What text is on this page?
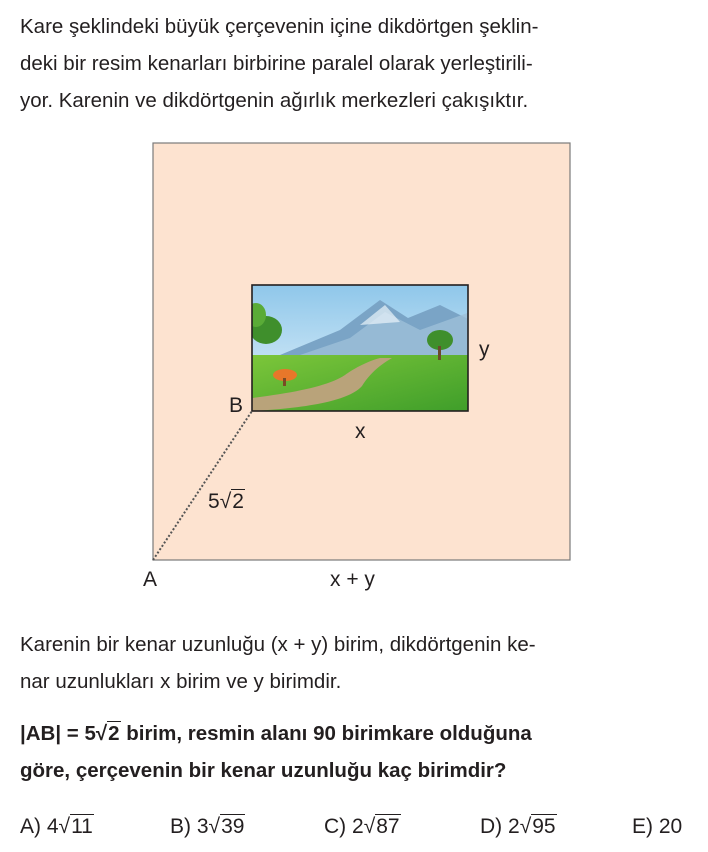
Kare şeklindeki büyük çerçevenin içine dikdörtgen şeklin-
deki bir resim kenarları birbirine paralel olarak yerleştirili-
yor. Karenin ve dikdörtgenin ağırlık merkezleri çakışıktır.
B
A
x
y
x + y
5√2
Karenin bir kenar uzunluğu (x + y) birim, dikdörtgenin ke-
nar uzunlukları x birim ve y birimdir.
|AB| = 5√2 birim, resmin alanı 90 birimkare olduğuna
göre, çerçevenin bir kenar uzunluğu kaç birimdir?
A) 4√11	B) 3√39	C) 2√87	D) 2√95	E) 20
